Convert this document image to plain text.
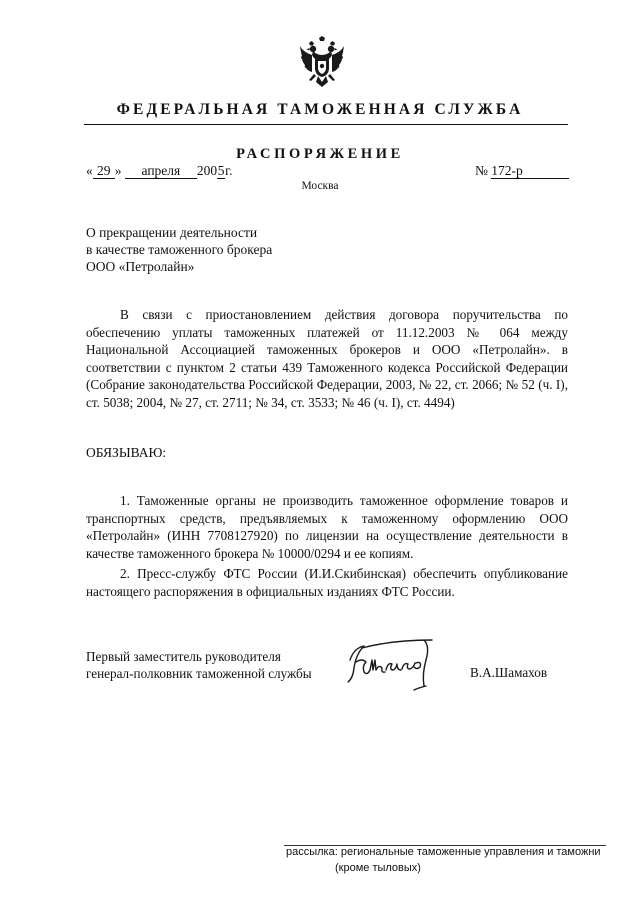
ФЕДЕРАЛЬНАЯ ТАМОЖЕННАЯ СЛУЖБА
РАСПОРЯЖЕНИЕ
« 29 » апреля 2005г.	№ 172-р
Москва
О прекращении деятельности
в качестве таможенного брокера
ООО «Петролайн»
В связи с приостановлением действия договора поручительства по обеспечению уплаты таможенных платежей от 11.12.2003 № 064 между Национальной Ассоциацией таможенных брокеров и ООО «Петролайн». в соответствии с пунктом 2 статьи 439 Таможенного кодекса Российской Федерации (Собрание законодательства Российской Федерации, 2003, № 22, ст. 2066; № 52 (ч. I), ст. 5038; 2004, № 27, ст. 2711; № 34, ст. 3533; № 46 (ч. I), ст. 4494)
ОБЯЗЫВАЮ:
1. Таможенные органы не производить таможенное оформление товаров и транспортных средств, предъявляемых к таможенному оформлению ООО «Петролайн» (ИНН 7708127920) по лицензии на осуществление деятельности в качестве таможенного брокера № 10000/0294 и ее копиям.
2. Пресс-службу ФТС России (И.И.Скибинская) обеспечить опубликование настоящего распоряжения в официальных изданиях ФТС России.
Первый заместитель руководителя
генерал-полковник таможенной службы	В.А.Шамахов
рассылка: региональные таможенные управления и таможни
(кроме тыловых)
